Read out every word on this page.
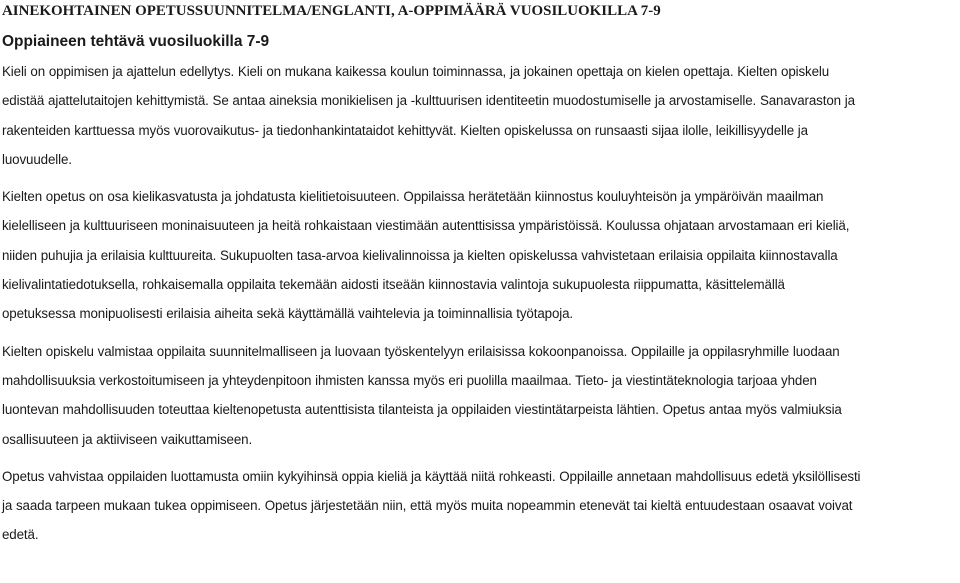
AINEKOHTAINEN OPETUSSUUNNITELMA/ENGLANTI, A-OPPIMÄÄRÄ VUOSILUOKILLA 7-9
Oppiaineen tehtävä vuosiluokilla 7-9

Kieli on oppimisen ja ajattelun edellytys. Kieli on mukana kaikessa koulun toiminnassa, ja jokainen opettaja on kielen opettaja. Kielten opiskelu
edistää ajattelutaitojen kehittymistä. Se antaa aineksia monikielisen ja -kulttuurisen identiteetin muodostumiselle ja arvostamiselle. Sanavaraston ja
rakenteiden karttuessa myös vuorovaikutus- ja tiedonhankintataidot kehittyvät. Kielten opiskelussa on runsaasti sijaa ilolle, leikillisyydelle ja
luovuudelle.

Kielten opetus on osa kielikasvatusta ja johdatusta kielitietoisuuteen. Oppilaissa herätetään kiinnostus kouluyhteisön ja ympäröivän maailman
kielelliseen ja kulttuuriseen moninaisuuteen ja heitä rohkaistaan viestimään autenttisissa ympäristöissä. Koulussa ohjataan arvostamaan eri kieliä,
niiden puhujia ja erilaisia kulttuureita. Sukupuolten tasa-arvoa kielivalinnoissa ja kielten opiskelussa vahvistetaan erilaisia oppilaita kiinnostavalla
kielivalintatiedotuksella, rohkaisemalla oppilaita tekemään aidosti itseään kiinnostavia valintoja sukupuolesta riippumatta, käsittelemällä
opetuksessa monipuolisesti erilaisia aiheita sekä käyttämällä vaihtelevia ja toiminnallisia työtapoja.

Kielten opiskelu valmistaa oppilaita suunnitelmalliseen ja luovaan työskentelyyn erilaisissa kokoonpanoissa. Oppilaille ja oppilasryhmille luodaan
mahdollisuuksia verkostoitumiseen ja yhteydenpitoon ihmisten kanssa myös eri puolilla maailmaa. Tieto- ja viestintäteknologia tarjoaa yhden
luontevan mahdollisuuden toteuttaa kieltenopetusta autenttisista tilanteista ja oppilaiden viestintätarpeista lähtien. Opetus antaa myös valmiuksia
osallisuuteen ja aktiiviseen vaikuttamiseen.

Opetus vahvistaa oppilaiden luottamusta omiin kykyihinsä oppia kieliä ja käyttää niitä rohkeasti. Oppilaille annetaan mahdollisuus edetä yksilöllisesti
ja saada tarpeen mukaan tukea oppimiseen. Opetus järjestetään niin, että myös muita nopeammin etenevät tai kieltä entuudestaan osaavat voivat
edetä.
